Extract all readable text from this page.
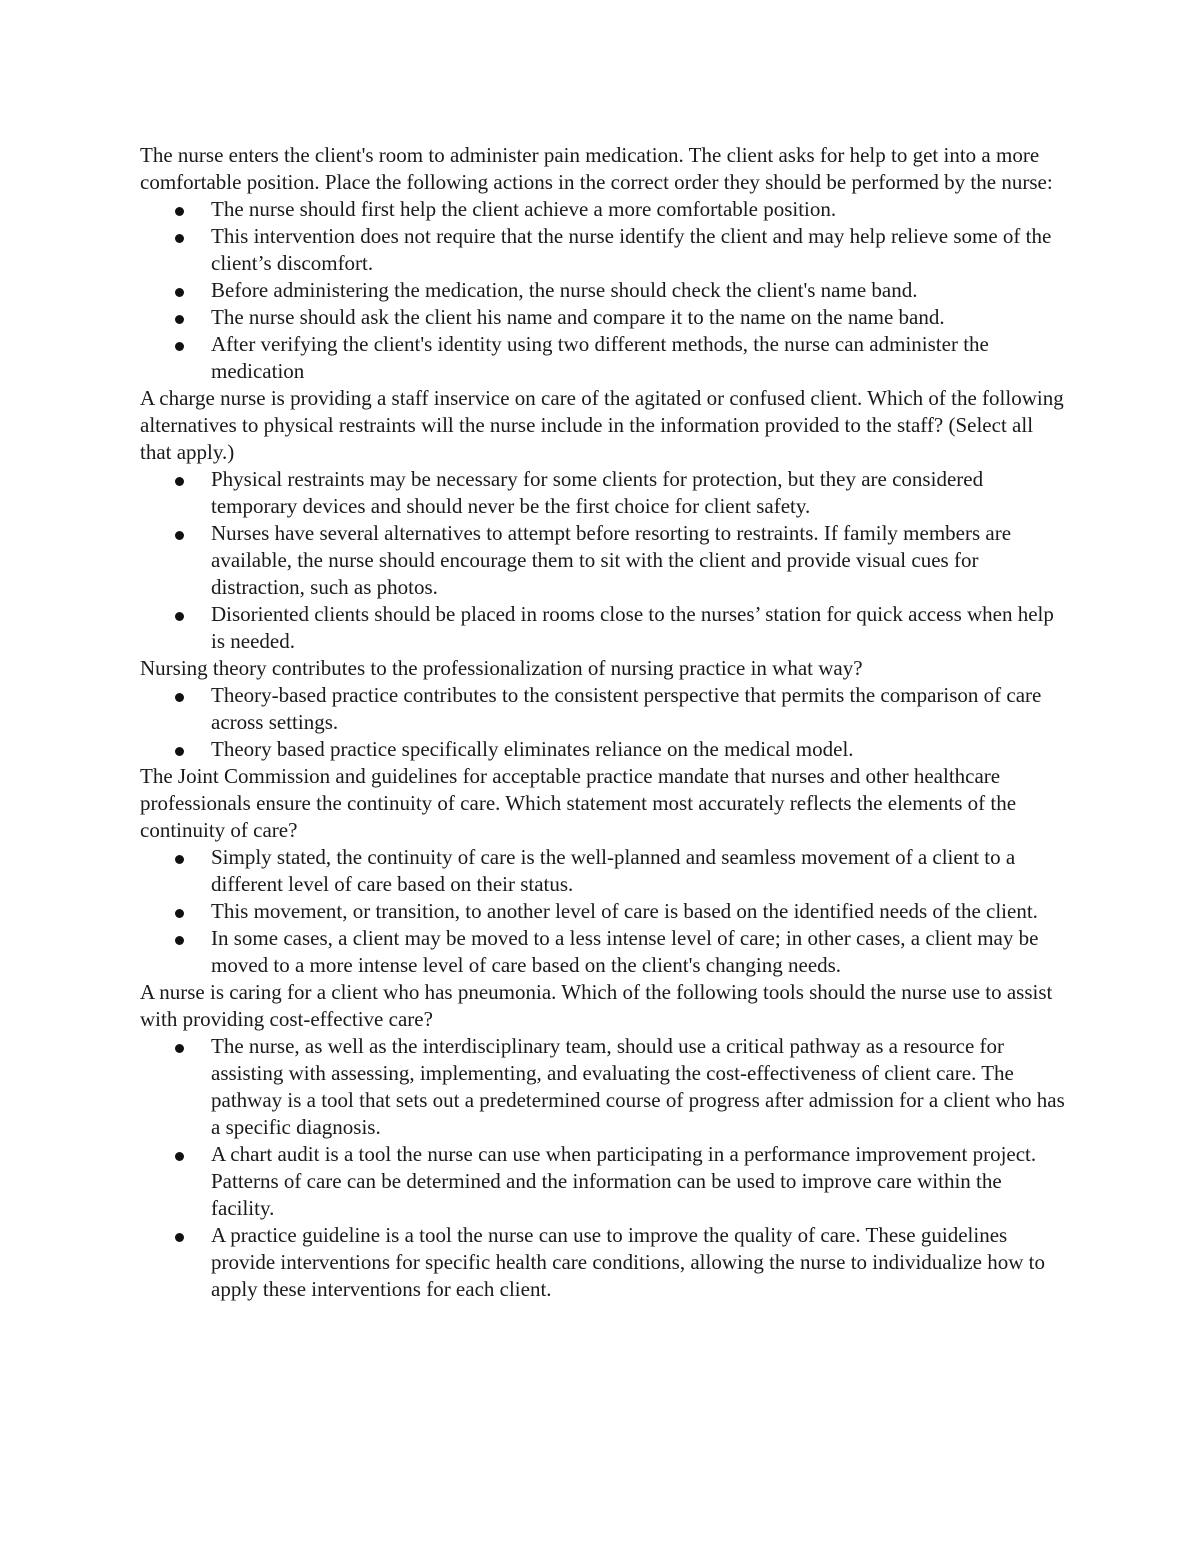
The nurse enters the client's room to administer pain medication. The client asks for help to get into a more comfortable position. Place the following actions in the correct order they should be performed by the nurse:

The nurse should first help the client achieve a more comfortable position.
This intervention does not require that the nurse identify the client and may help relieve some of the client’s discomfort.
Before administering the medication, the nurse should check the client's name band.
The nurse should ask the client his name and compare it to the name on the name band.
After verifying the client's identity using two different methods, the nurse can administer the medication

A charge nurse is providing a staff inservice on care of the agitated or confused client. Which of the following alternatives to physical restraints will the nurse include in the information provided to the staff? (Select all that apply.)

Physical restraints may be necessary for some clients for protection, but they are considered temporary devices and should never be the first choice for client safety.
Nurses have several alternatives to attempt before resorting to restraints. If family members are available, the nurse should encourage them to sit with the client and provide visual cues for distraction, such as photos.
Disoriented clients should be placed in rooms close to the nurses’ station for quick access when help is needed.

Nursing theory contributes to the professionalization of nursing practice in what way?

Theory-based practice contributes to the consistent perspective that permits the comparison of care across settings.
Theory based practice specifically eliminates reliance on the medical model.

The Joint Commission and guidelines for acceptable practice mandate that nurses and other healthcare professionals ensure the continuity of care. Which statement most accurately reflects the elements of the continuity of care?

Simply stated, the continuity of care is the well-planned and seamless movement of a client to a different level of care based on their status.
This movement, or transition, to another level of care is based on the identified needs of the client.
In some cases, a client may be moved to a less intense level of care; in other cases, a client may be moved to a more intense level of care based on the client's changing needs.

A nurse is caring for a client who has pneumonia. Which of the following tools should the nurse use to assist with providing cost-effective care?

The nurse, as well as the interdisciplinary team, should use a critical pathway as a resource for assisting with assessing, implementing, and evaluating the cost-effectiveness of client care. The pathway is a tool that sets out a predetermined course of progress after admission for a client who has a specific diagnosis.
A chart audit is a tool the nurse can use when participating in a performance improvement project. Patterns of care can be determined and the information can be used to improve care within the facility.
A practice guideline is a tool the nurse can use to improve the quality of care. These guidelines provide interventions for specific health care conditions, allowing the nurse to individualize how to apply these interventions for each client.
